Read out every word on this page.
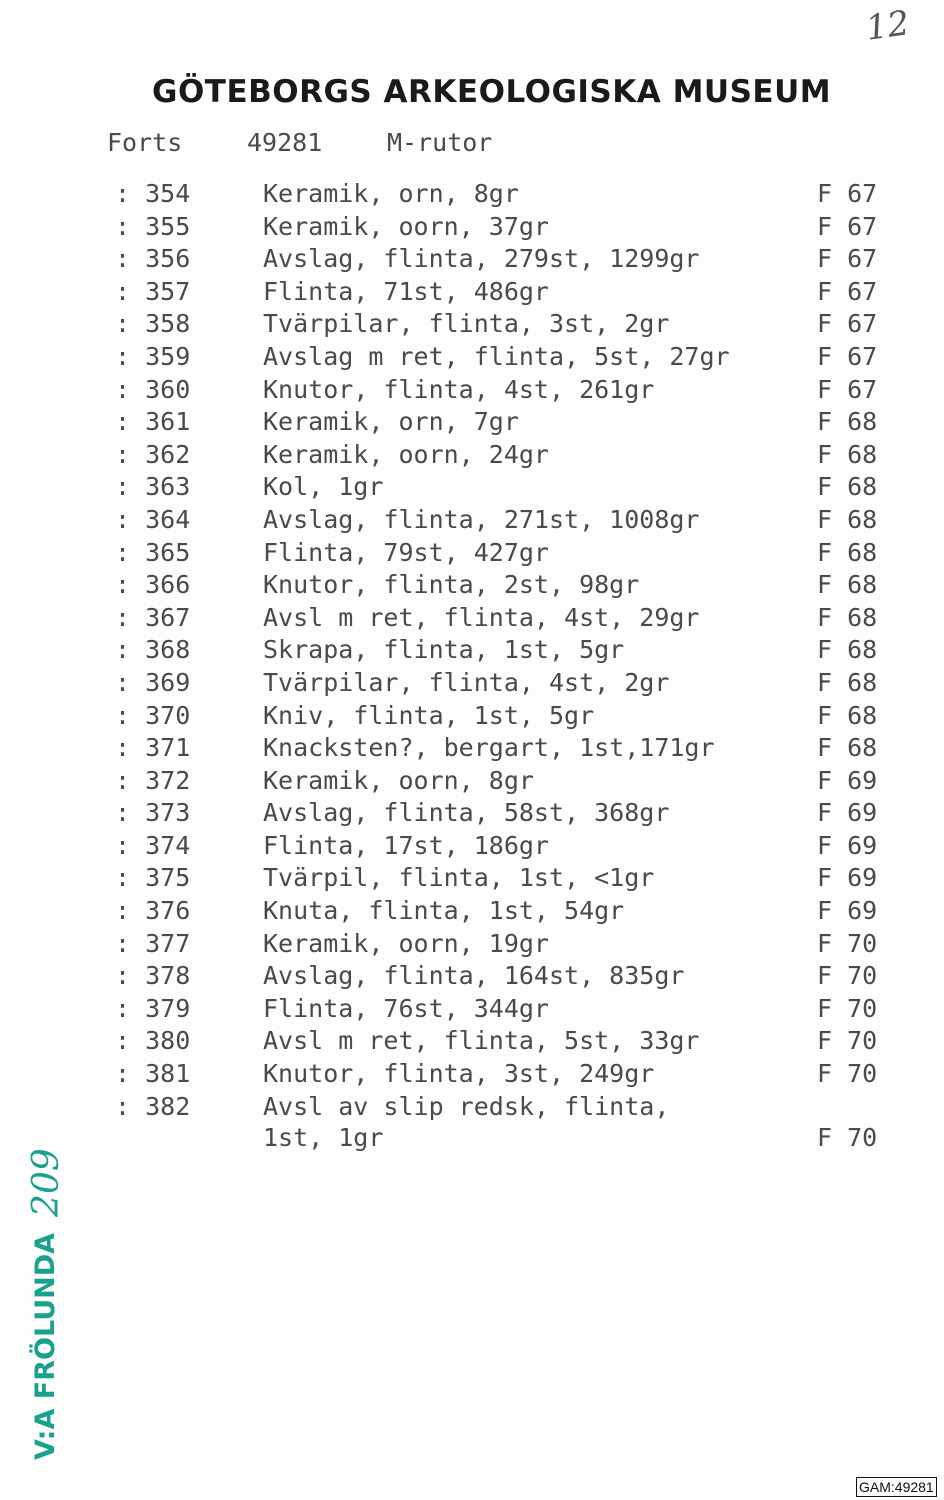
12
GÖTEBORGS ARKEOLOGISKA MUSEUM
Forts	49281	M-rutor
: 354	Keramik, orn, 8gr	F 67
: 355	Keramik, oorn, 37gr	F 67
: 356	Avslag, flinta, 279st, 1299gr	F 67
: 357	Flinta, 71st, 486gr	F 67
: 358	Tvärpilar, flinta, 3st, 2gr	F 67
: 359	Avslag m ret, flinta, 5st, 27gr	F 67
: 360	Knutor, flinta, 4st, 261gr	F 67
: 361	Keramik, orn, 7gr	F 68
: 362	Keramik, oorn, 24gr	F 68
: 363	Kol, 1gr	F 68
: 364	Avslag, flinta, 271st, 1008gr	F 68
: 365	Flinta, 79st, 427gr	F 68
: 366	Knutor, flinta, 2st, 98gr	F 68
: 367	Avsl m ret, flinta, 4st, 29gr	F 68
: 368	Skrapa, flinta, 1st, 5gr	F 68
: 369	Tvärpilar, flinta, 4st, 2gr	F 68
: 370	Kniv, flinta, 1st, 5gr	F 68
: 371	Knacksten?, bergart, 1st,171gr	F 68
: 372	Keramik, oorn, 8gr	F 69
: 373	Avslag, flinta, 58st, 368gr	F 69
: 374	Flinta, 17st, 186gr	F 69
: 375	Tvärpil, flinta, 1st, <1gr	F 69
: 376	Knuta, flinta, 1st, 54gr	F 69
: 377	Keramik, oorn, 19gr	F 70
: 378	Avslag, flinta, 164st, 835gr	F 70
: 379	Flinta, 76st, 344gr	F 70
: 380	Avsl m ret, flinta, 5st, 33gr	F 70
: 381	Knutor, flinta, 3st, 249gr	F 70
: 382	Avsl av slip redsk, flinta,
1st, 1gr	F 70
V:A FRÖLUNDA209
GAM:49281
